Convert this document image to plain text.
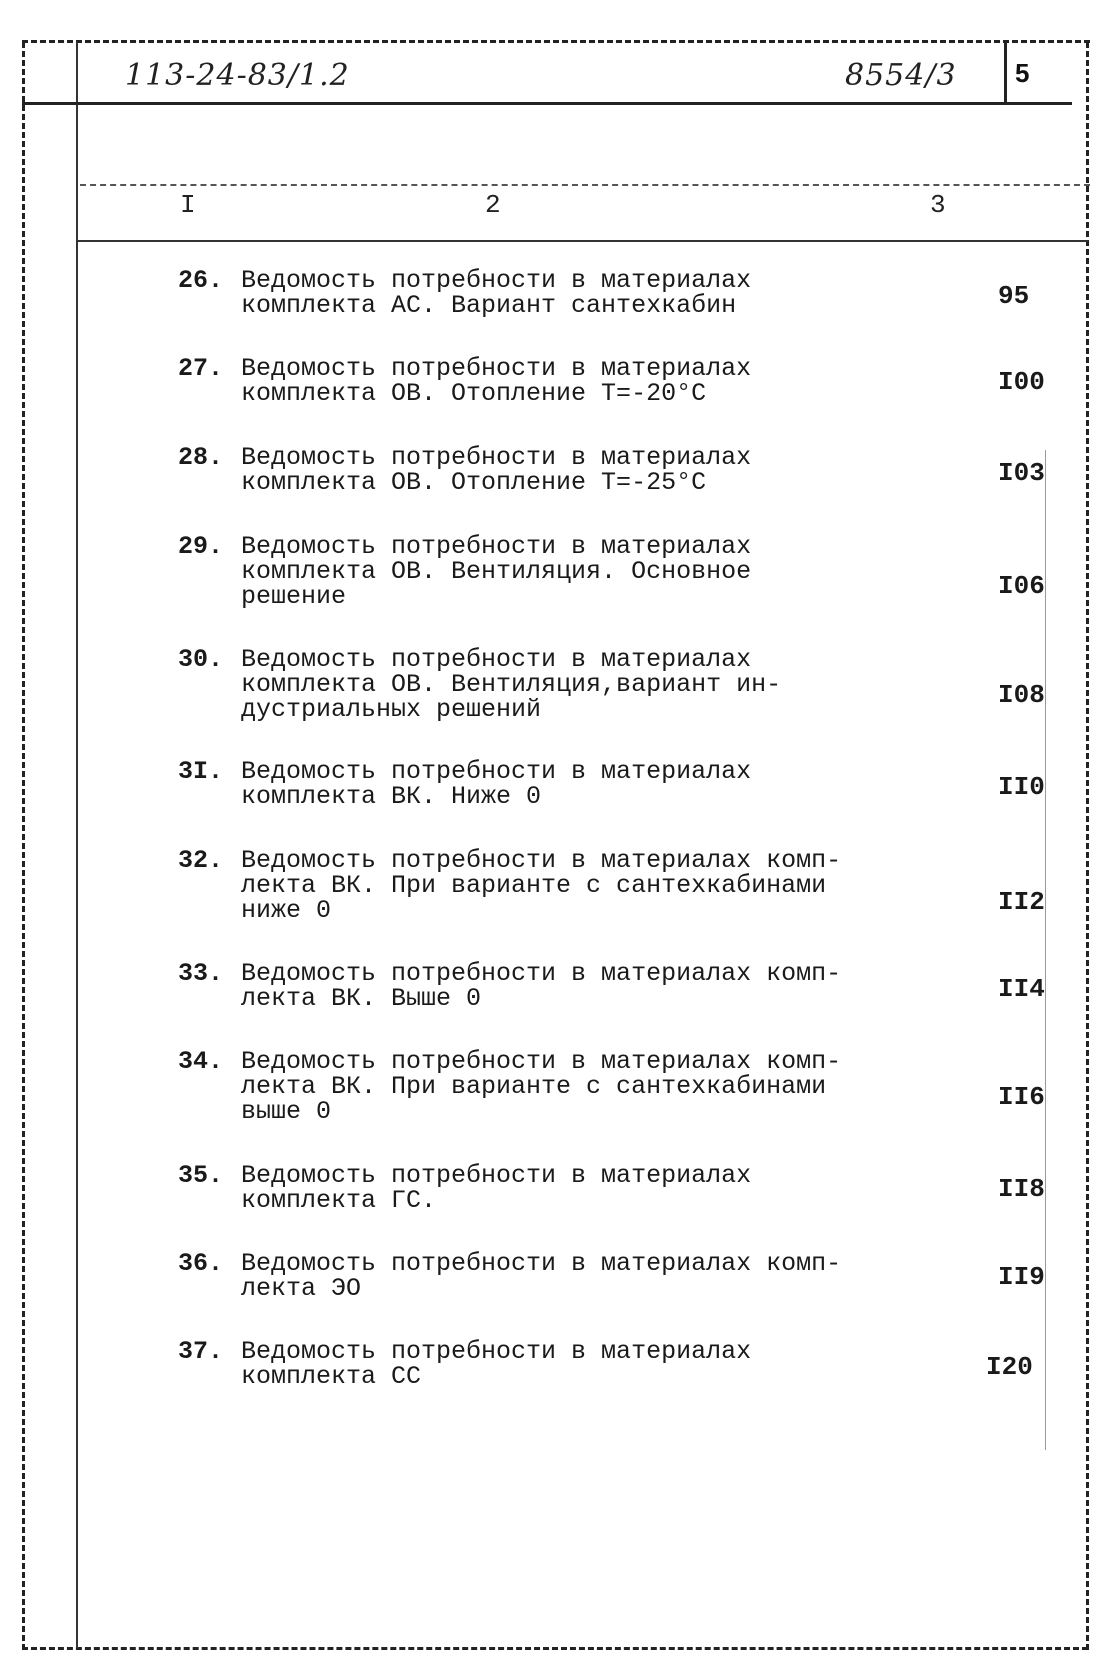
113-24-83/1.2	8554/3 5
I	2	3
26. Ведомость потребности в материалах
комплекта АС. Вариант сантехкабин	95
27. Ведомость потребности в материалах
комплекта ОВ. Отопление Т=-20°С	I00
28. Ведомость потребности в материалах
комплекта ОВ. Отопление Т=-25°С	I03
29. Ведомость потребности в материалах
комплекта ОВ. Вентиляция. Основное
решение	I06
30. Ведомость потребности в материалах
комплекта ОВ. Вентиляция,вариант ин-
дустриальных решений	I08
3I. Ведомость потребности в материалах
комплекта ВК. Ниже 0	II0
32. Ведомость потребности в материалах комп-
лекта ВК. При варианте с сантехкабинами
ниже 0	II2
33. Ведомость потребности в материалах комп-
лекта ВК. Выше 0	II4
34. Ведомость потребности в материалах комп-
лекта ВК. При варианте с сантехкабинами
выше 0	II6
35. Ведомость потребности в материалах
комплекта ГС.	II8
36. Ведомость потребности в материалах комп-
лекта ЭО	II9
37. Ведомость потребности в материалах
комплекта СС	I20
